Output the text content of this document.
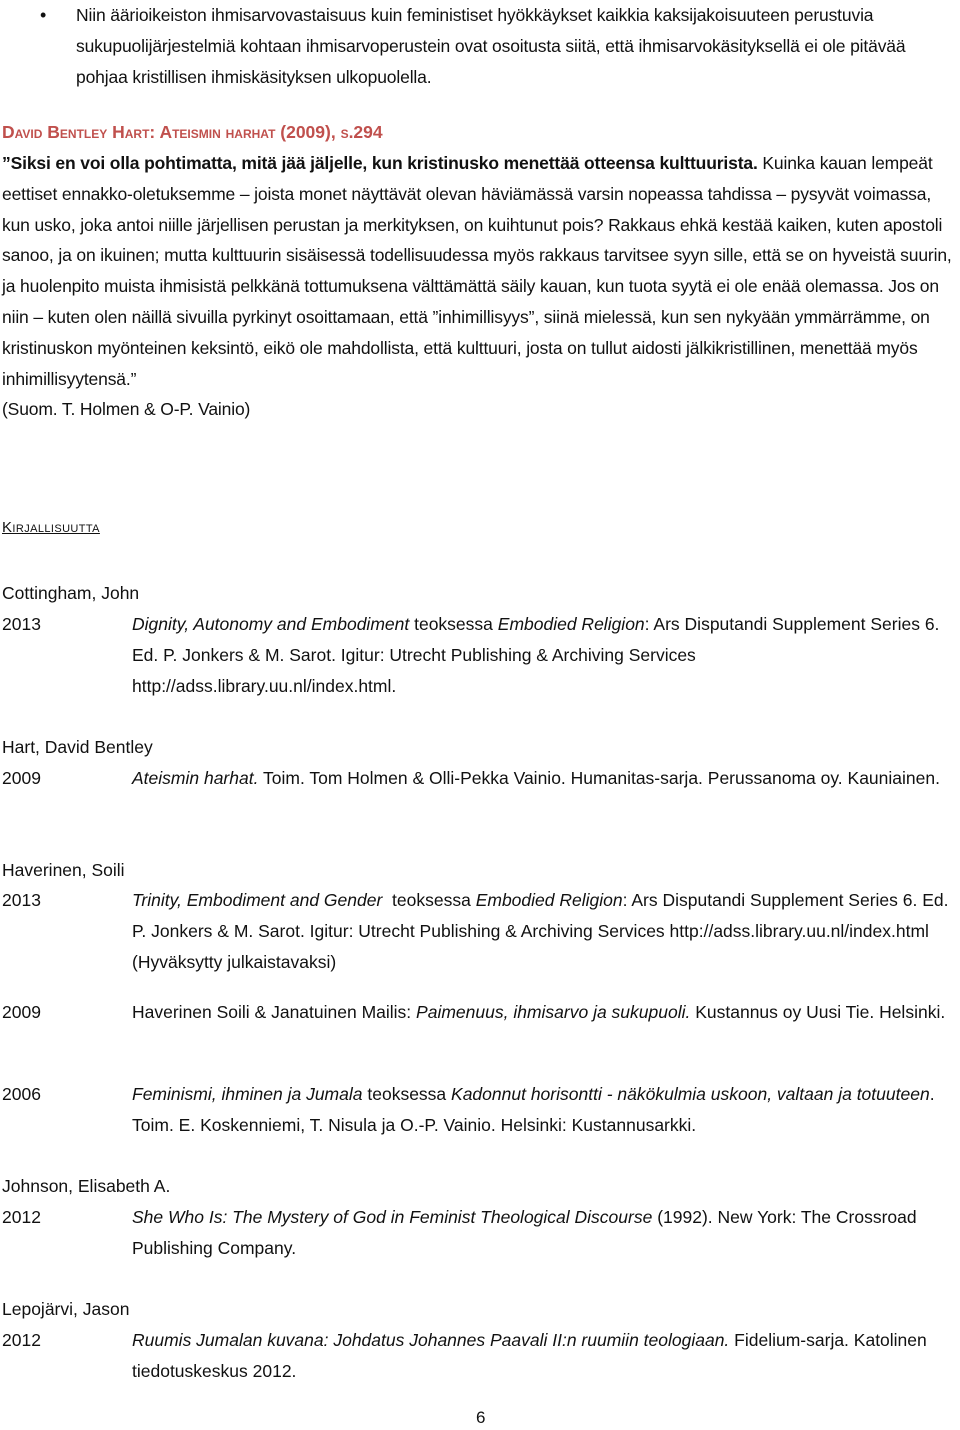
• Niin äärioikeiston ihmisarvovastaisuus kuin feministiset hyökkäykset kaikkia kaksijakoisuuteen perustuvia sukupuolijärjestelmiä kohtaan ihmisarvoperustein ovat osoitusta siitä, että ihmisarvokäsityksellä ei ole pitävää pohjaa kristillisen ihmiskäsityksen ulkopuolella.
David Bentley Hart: Ateismin harhat (2009), s.294
”Siksi en voi olla pohtimatta, mitä jää jäljelle, kun kristinusko menettää otteensa kulttuurista. Kuinka kauan lempeät eettiset ennakko-oletuksemme – joista monet näyttävät olevan häviämässä varsin nopeassa tahdissa – pysyvät voimassa, kun usko, joka antoi niille järjellisen perustan ja merkityksen, on kuihtunut pois? Rakkaus ehkä kestää kaiken, kuten apostoli sanoo, ja on ikuinen; mutta kulttuurin sisäisessä todellisuudessa myös rakkaus tarvitsee syyn sille, että se on hyveistä suurin, ja huolenpito muista ihmisistä pelkkänä tottumuksena välttämättä säily kauan, kun tuota syytä ei ole enää olemassa. Jos on niin – kuten olen näillä sivuilla pyrkinyt osoittamaan, että ”inhimillisyys”, siinä mielessä, kun sen nykyään ymmärrämme, on kristinuskon myönteinen keksintö, eikö ole mahdollista, että kulttuuri, josta on tullut aidosti jälkikristillinen, menettää myös inhimillisyytensä.”
(Suom. T. Holmen & O-P. Vainio)
Kirjallisuutta
Cottingham, John
2013	Dignity, Autonomy and Embodiment teoksessa Embodied Religion: Ars Disputandi Supplement Series 6. Ed. P. Jonkers & M. Sarot. Igitur: Utrecht Publishing & Archiving Services     http://adss.library.uu.nl/index.html.
Hart, David Bentley
2009	Ateismin harhat. Toim. Tom Holmen & Olli-Pekka Vainio. Humanitas-sarja. Perussanoma oy. Kauniainen.
Haverinen, Soili
2013	Trinity, Embodiment and Gender  teoksessa Embodied Religion: Ars Disputandi Supplement Series 6. Ed. P. Jonkers & M. Sarot. Igitur: Utrecht Publishing & Archiving Services http://adss.library.uu.nl/index.html  (Hyväksytty julkaistavaksi)
2009	Haverinen Soili & Janatuinen Mailis: Paimenuus, ihmisarvo ja sukupuoli. Kustannus oy Uusi Tie. Helsinki.
2006	Feminismi, ihminen ja Jumala teoksessa Kadonnut horisontti - näkökulmia uskoon, valtaan ja totuuteen. Toim. E. Koskenniemi, T. Nisula ja O.-P. Vainio. Helsinki: Kustannusarkki.
Johnson, Elisabeth A.
2012	She Who Is: The Mystery of God in Feminist Theological Discourse (1992). New York: The Crossroad Publishing Company.
Lepojärvi, Jason
2012	Ruumis Jumalan kuvana: Johdatus Johannes Paavali II:n ruumiin teologiaan. Fidelium-sarja. Katolinen tiedotuskeskus 2012.
6
